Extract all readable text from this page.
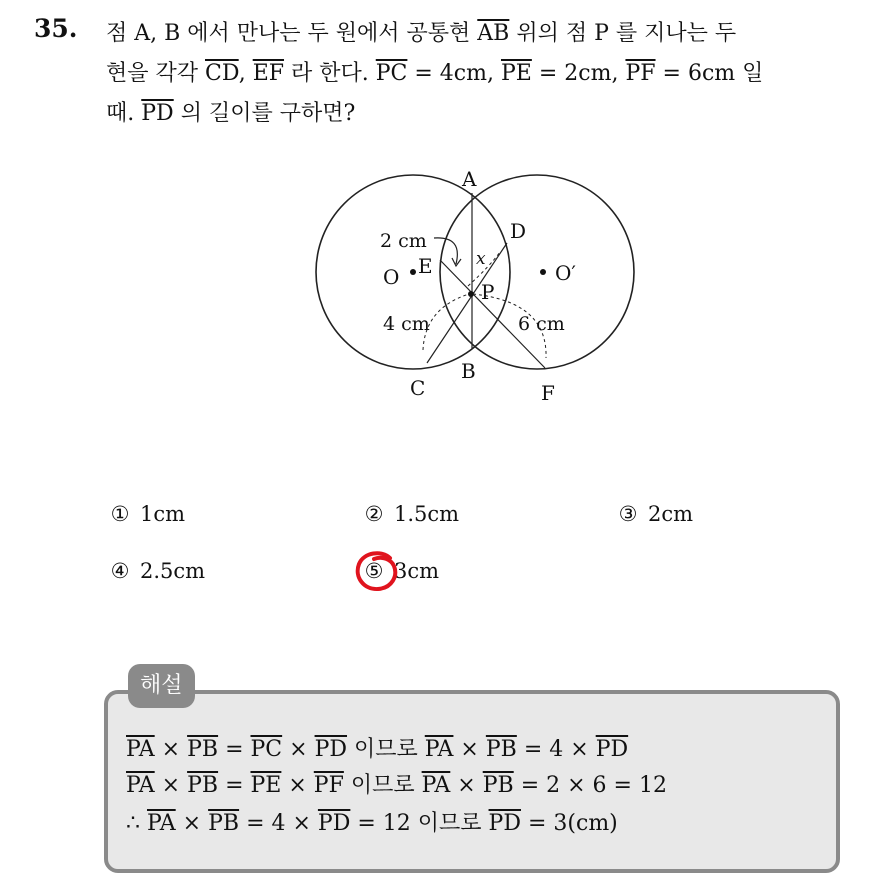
35. 점 A, B 에서 만나는 두 원에서 공통현 $\overline{AB}$ 위의 점 P 를 지나는 두
현을 각각 $\overline{CD}$, $\overline{EF}$ 라 한다. $\overline{PC} = 4cm$, $\overline{PE} = 2cm$, $\overline{PF} = 6cm$ 일
때. $\overline{PD}$ 의 길이를 구하면?
A
B
C
D
E
F
P
O	O′
x
2 cm
4 cm	6 cm
① 1cm	② 1.5cm	③ 2cm
④ 2.5cm	⑤ 3cm
해설
$\overline{PA} \times \overline{PB} = \overline{PC} \times \overline{PD}$ 이므로 $\overline{PA} \times \overline{PB} = 4 \times \overline{PD}$
$\overline{PA} \times \overline{PB} = \overline{PE} \times \overline{PF}$ 이므로 $\overline{PA} \times \overline{PB} = 2 \times 6 = 12$
∴ $\overline{PA} \times \overline{PB} = 4 \times \overline{PD} = 12$ 이므로 $\overline{PD} = 3(cm)$
